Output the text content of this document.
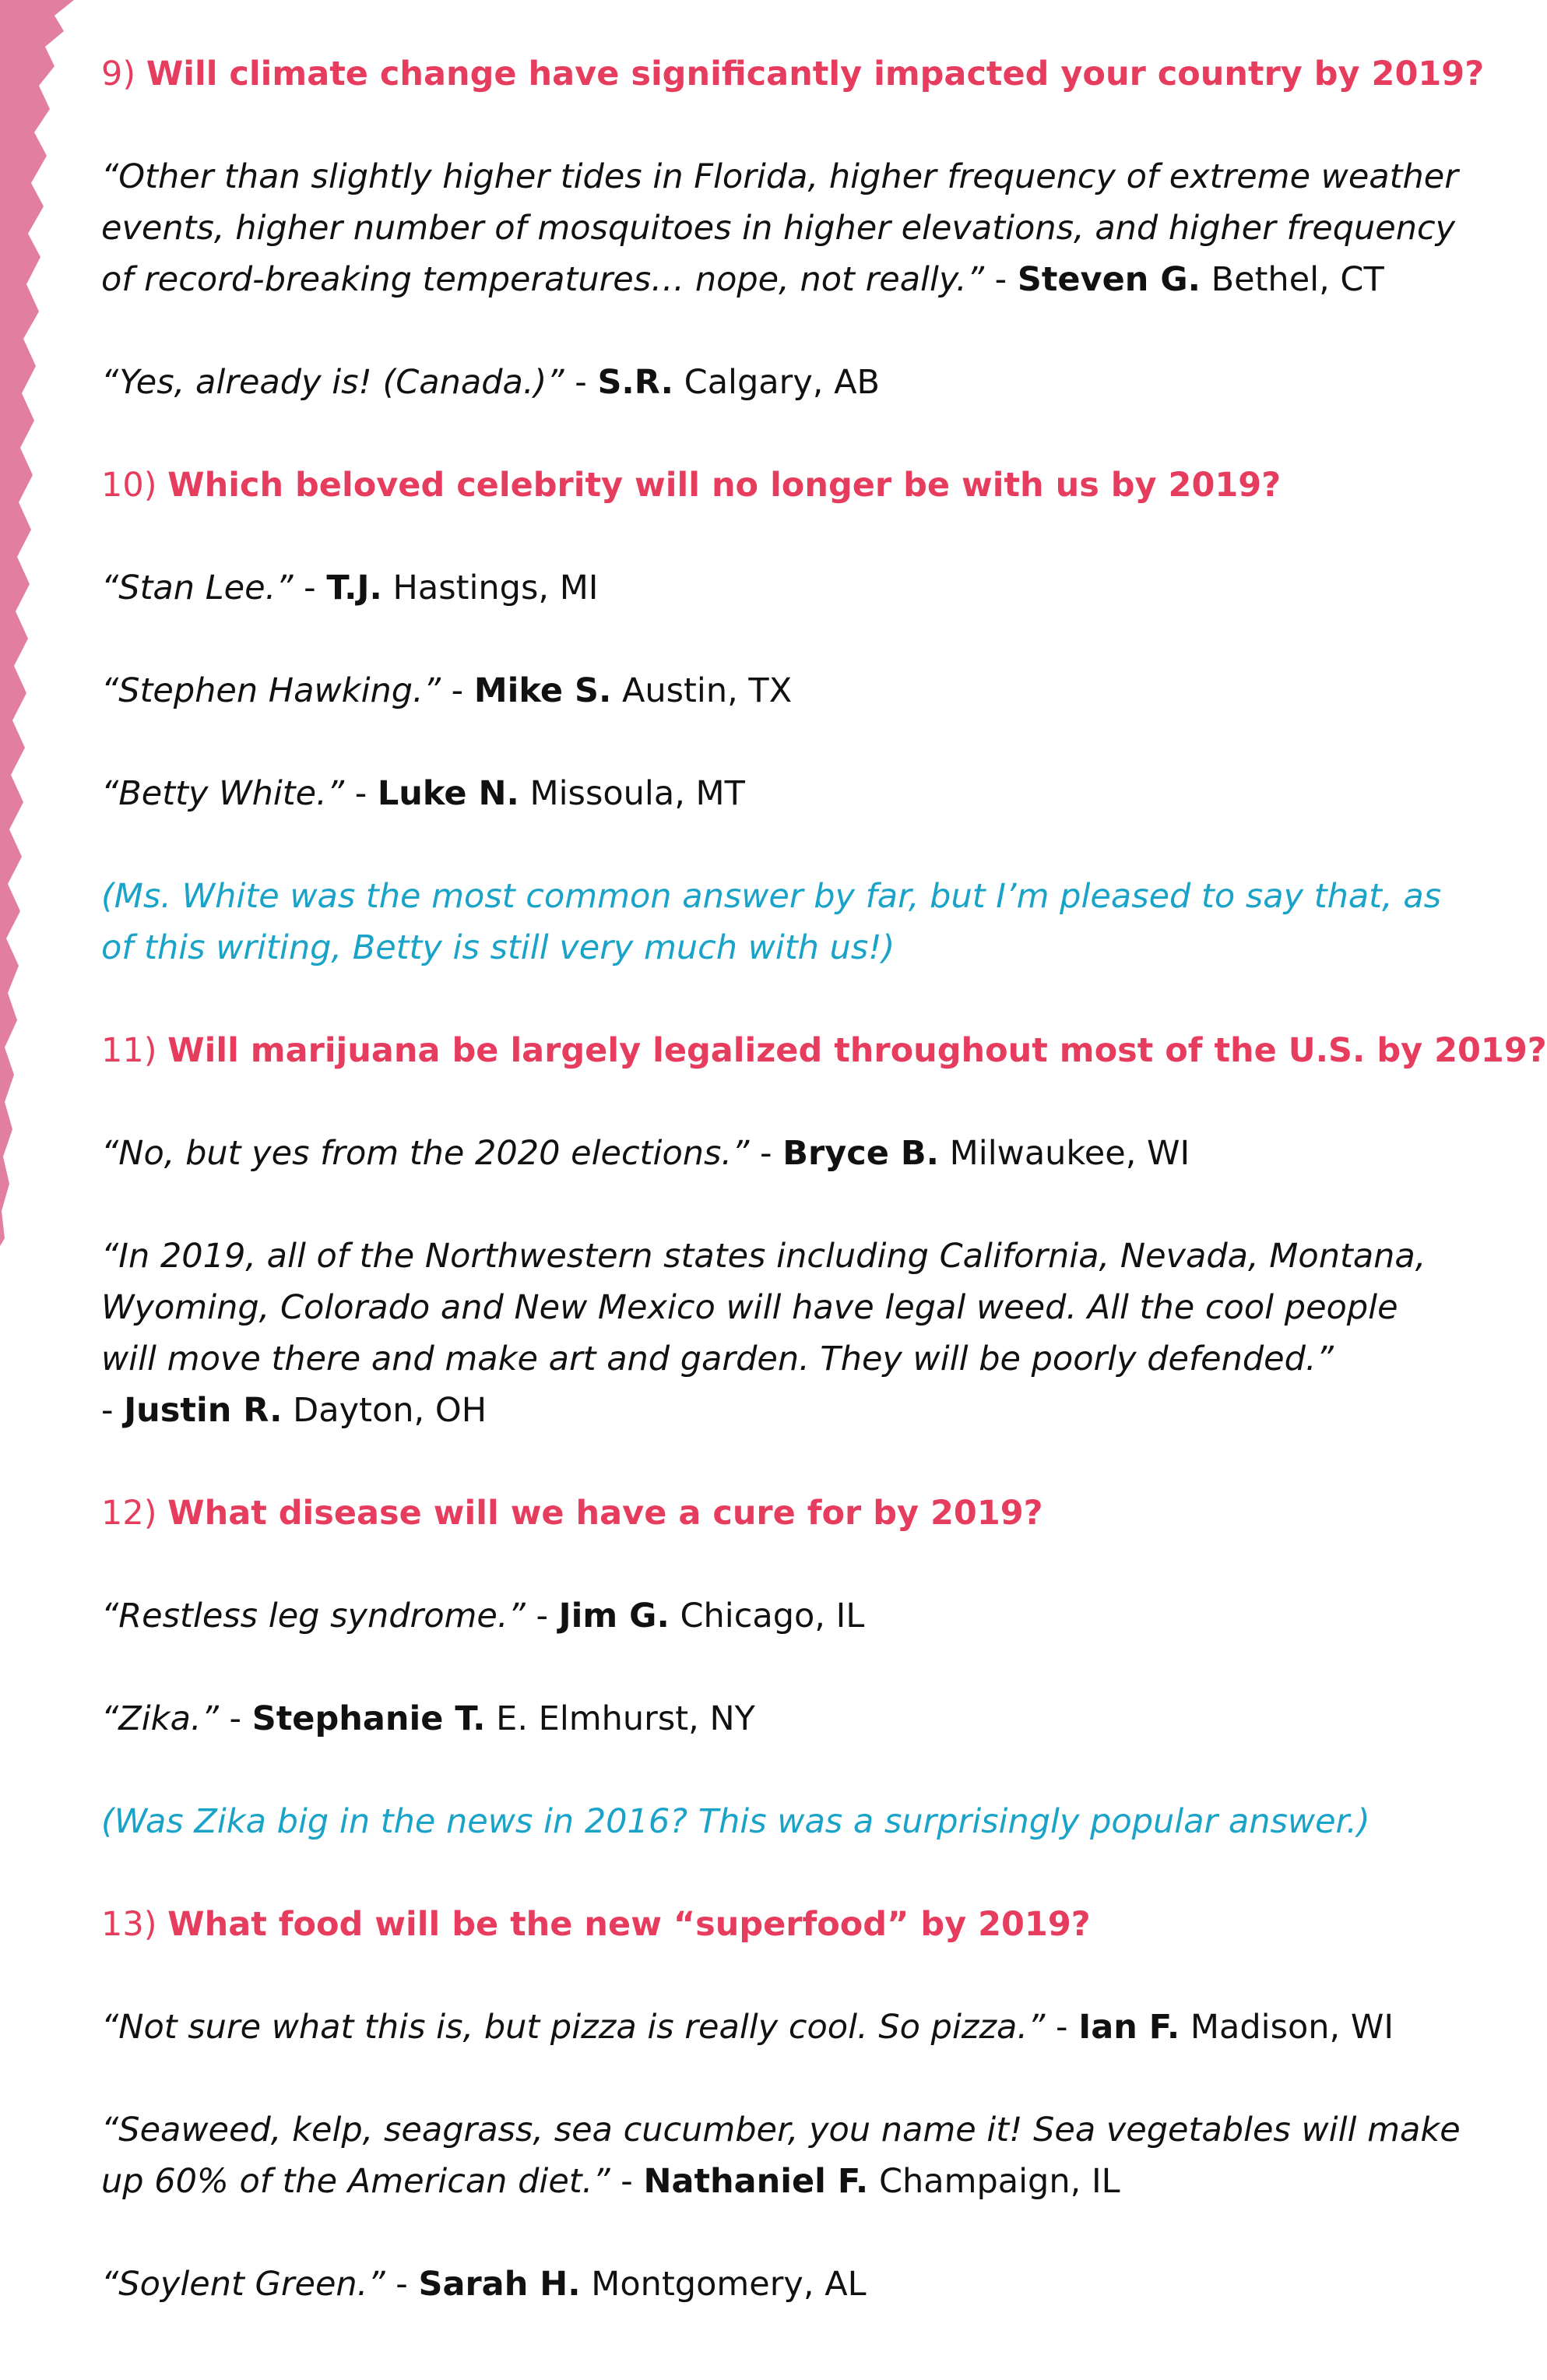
9) Will climate change have significantly impacted your country by 2019?
“Other than slightly higher tides in Florida, higher frequency of extreme weather
events, higher number of mosquitoes in higher elevations, and higher frequency
of record-breaking temperatures… nope, not really.” - Steven G. Bethel, CT
“Yes, already is! (Canada.)” - S.R. Calgary, AB
10) Which beloved celebrity will no longer be with us by 2019?
“Stan Lee.” - T.J. Hastings, MI
“Stephen Hawking.” - Mike S. Austin, TX
“Betty White.” - Luke N. Missoula, MT
(Ms. White was the most common answer by far, but I’m pleased to say that, as
of this writing, Betty is still very much with us!)
11) Will marijuana be largely legalized throughout most of the U.S. by 2019?
“No, but yes from the 2020 elections.” - Bryce B. Milwaukee, WI
“In 2019, all of the Northwestern states including California, Nevada, Montana,
Wyoming, Colorado and New Mexico will have legal weed. All the cool people
will move there and make art and garden. They will be poorly defended.”
- Justin R. Dayton, OH
12) What disease will we have a cure for by 2019?
“Restless leg syndrome.” - Jim G. Chicago, IL
“Zika.” - Stephanie T. E. Elmhurst, NY
(Was Zika big in the news in 2016? This was a surprisingly popular answer.)
13) What food will be the new “superfood” by 2019?
“Not sure what this is, but pizza is really cool. So pizza.” - Ian F. Madison, WI
“Seaweed, kelp, seagrass, sea cucumber, you name it! Sea vegetables will make
up 60% of the American diet.” - Nathaniel F. Champaign, IL
“Soylent Green.” - Sarah H. Montgomery, AL
